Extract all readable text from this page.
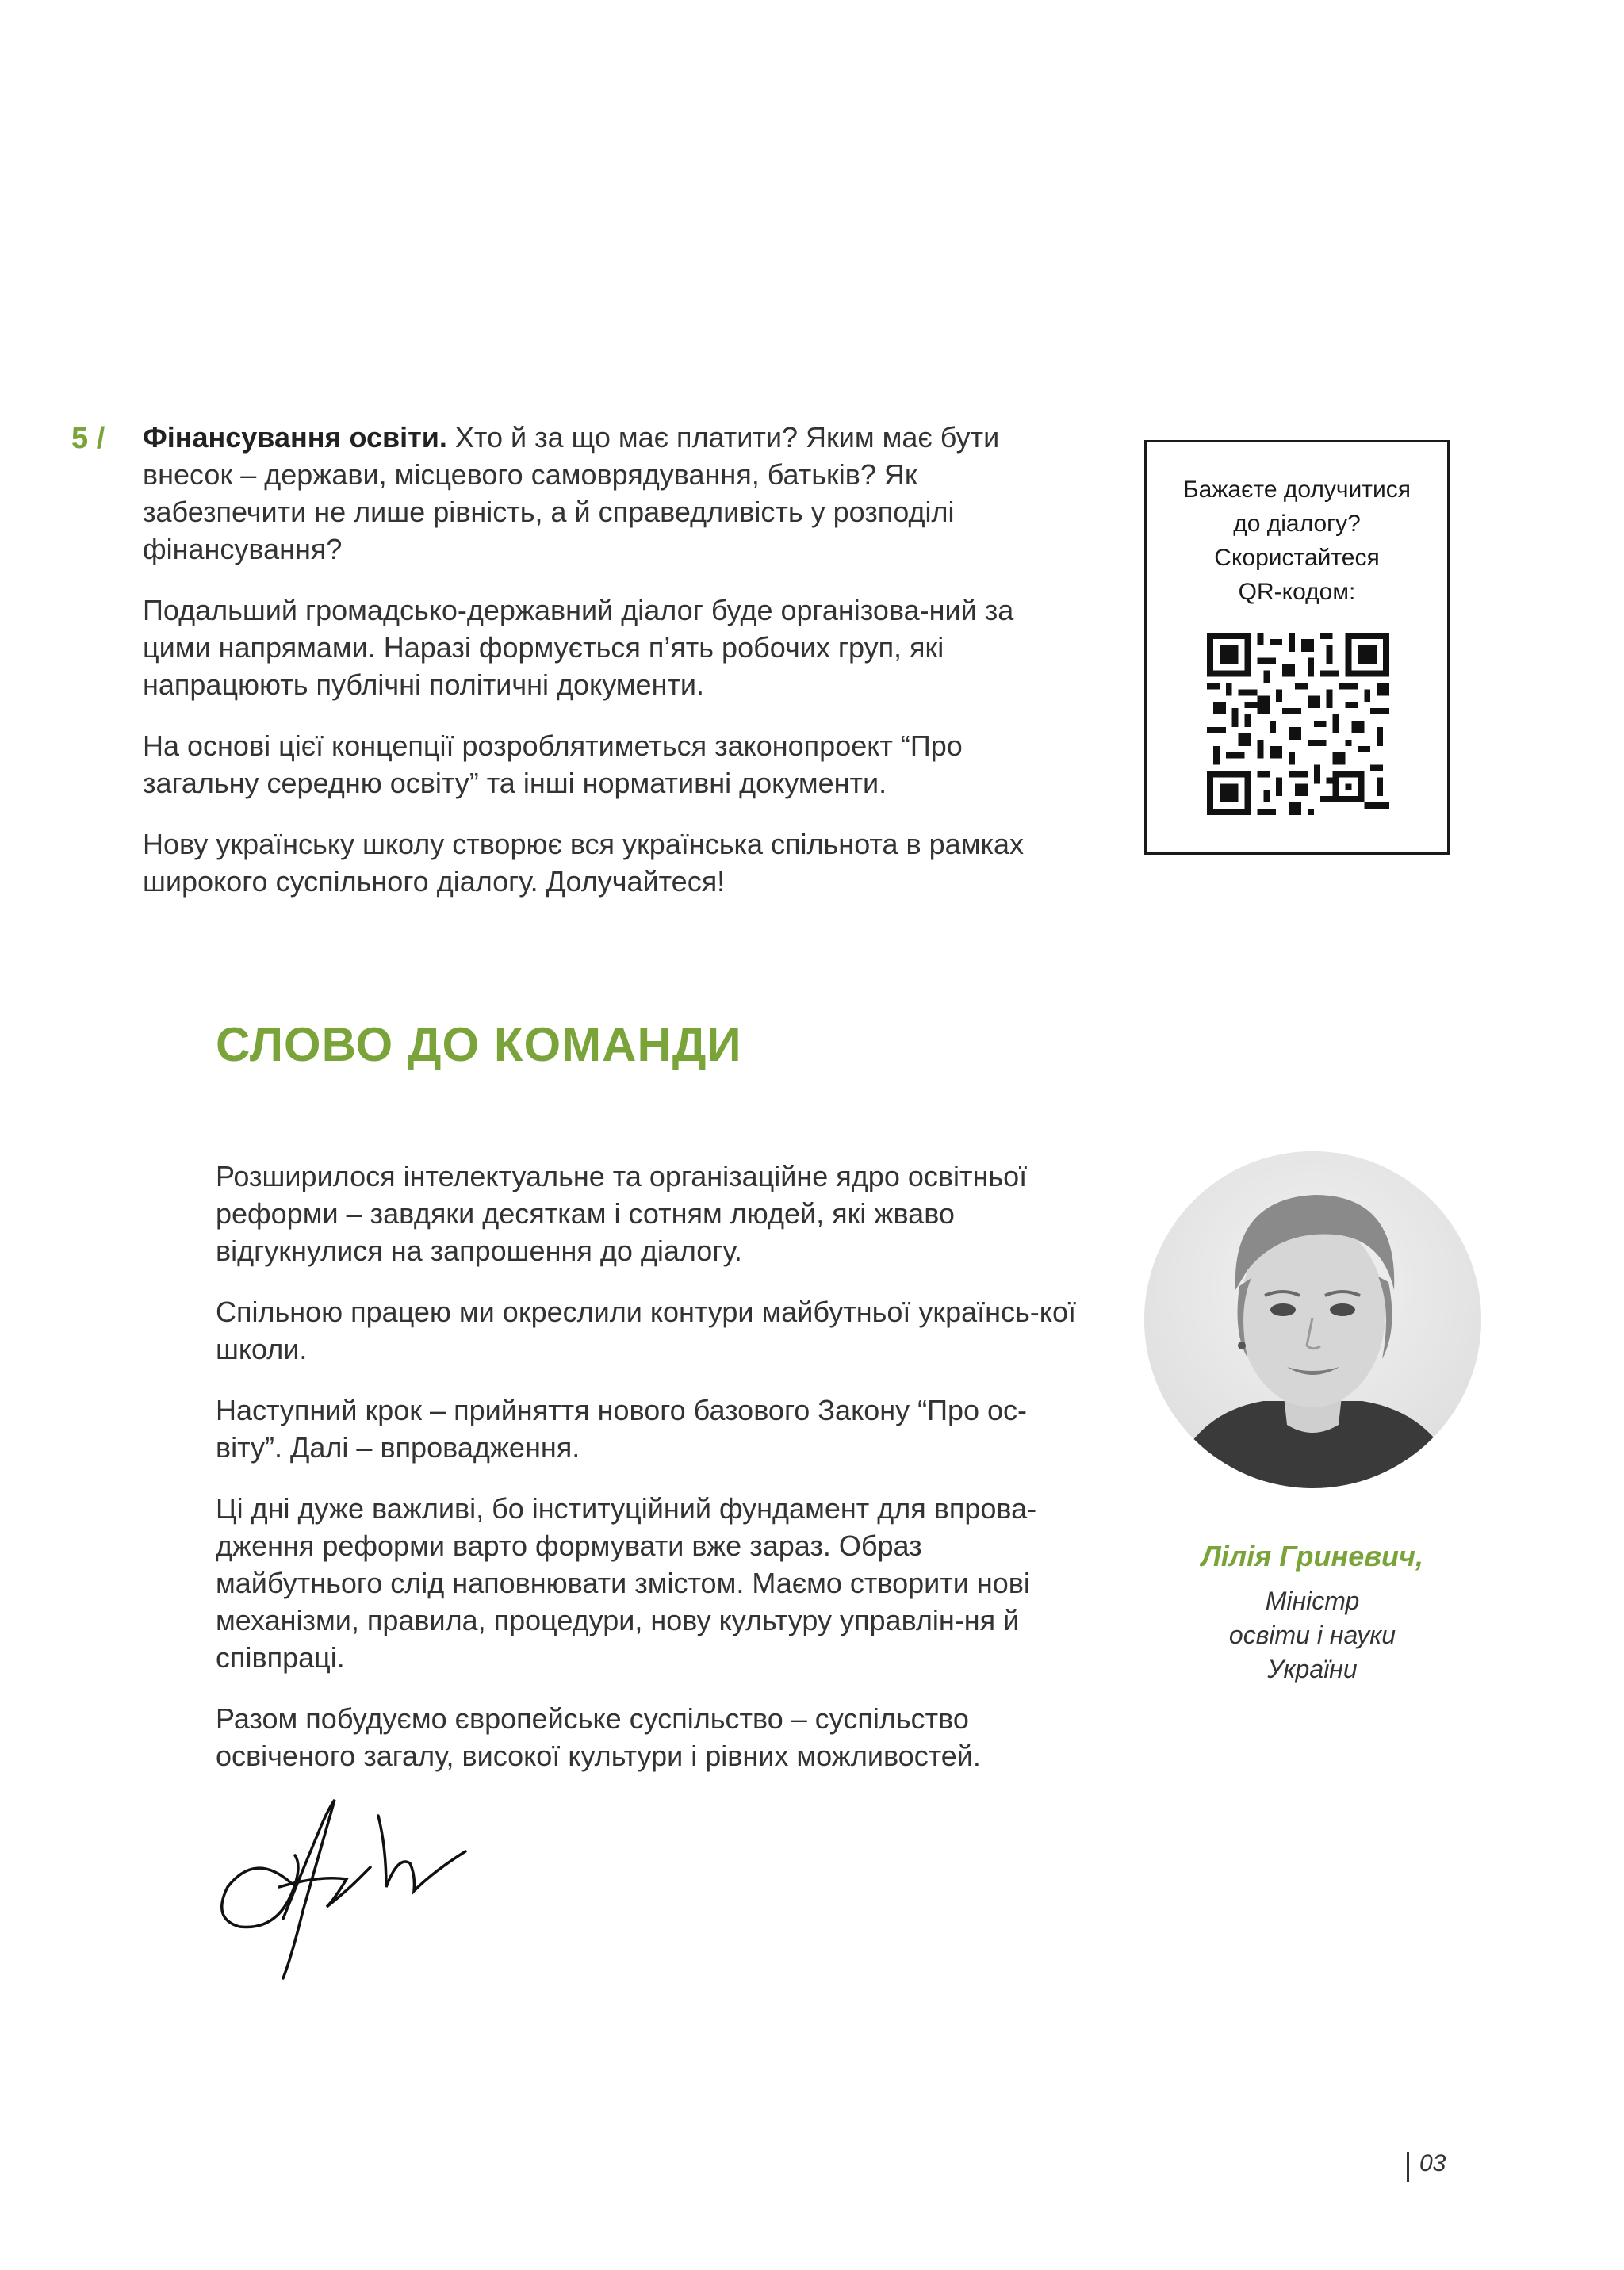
5 / Фінансування освіти. Хто й за що має платити? Яким має бути внесок – держави, місцевого самоврядування, батьків? Як забезпечити не лише рівність, а й справедливість у розподілі фінансування?

Подальший громадсько-державний діалог буде організова-ний за цими напрямами. Наразі формується п’ять робочих груп, які напрацюють публічні політичні документи.

На основі цієї концепції розроблятиметься законопроект “Про загальну середню освіту” та інші нормативні документи.

Нову українську школу створює вся українська спільнота в рамках широкого суспільного діалогу. Долучайтеся!

Бажаєте долучитися
до діалогу?
Скористайтеся
QR-кодом:
СЛОВО ДО КОМАНДИ

Розширилося інтелектуальне та організаційне ядро освітньої реформи – завдяки десяткам і сотням людей, які жваво відгукнулися на запрошення до діалогу.

Спільною працею ми окреслили контури майбутньої українсь-кої школи.

Наступний крок – прийняття нового базового Закону “Про ос-віту”. Далі – впровадження.

Ці дні дуже важливі, бо інституційний фундамент для впрова-дження реформи варто формувати вже зараз. Образ майбутнього слід наповнювати змістом. Маємо створити нові механізми, правила, процедури, нову культуру управлін-ня й співпраці.

Разом побудуємо європейське суспільство – суспільство освіченого загалу, високої культури і рівних можливостей.

Лілія Гриневич,
Міністр
освіти і науки
України
03
